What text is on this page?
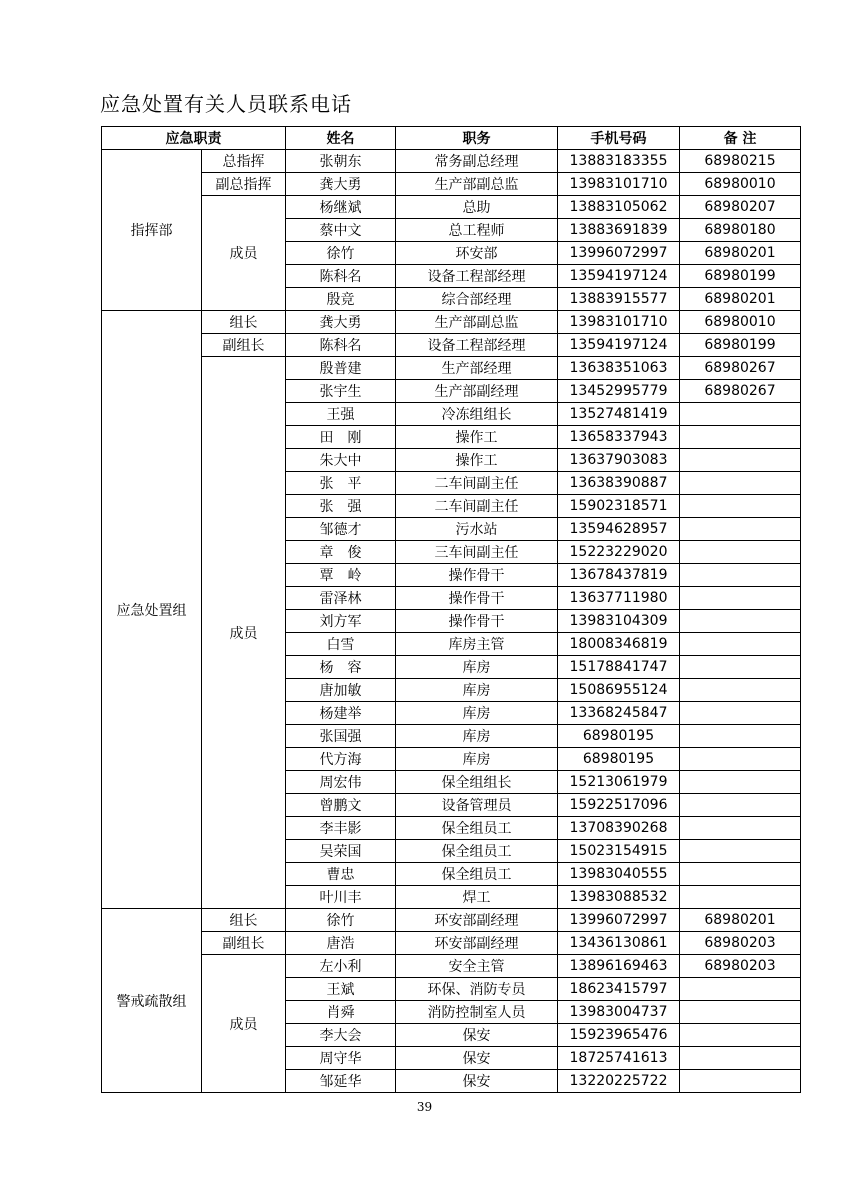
应急处置有关人员联系电话
应急职责		姓名	职务	手机号码	备 注
指挥部	总指挥	张朝东	常务副总经理	13883183355	68980215
	副总指挥	龚大勇	生产部副总监	13983101710	68980010
	成员	杨继斌	总助	13883105062	68980207
		蔡中文	总工程师	13883691839	68980180
		徐竹	环安部	13996072997	68980201
		陈科名	设备工程部经理	13594197124	68980199
		殷竞	综合部经理	13883915577	68980201
应急处置组	组长	龚大勇	生产部副总监	13983101710	68980010
	副组长	陈科名	设备工程部经理	13594197124	68980199
	成员	殷普建	生产部经理	13638351063	68980267
		张宇生	生产部副经理	13452995779	68980267
		王强	冷冻组组长	13527481419	
		田　刚	操作工	13658337943	
		朱大中	操作工	13637903083	
		张　平	二车间副主任	13638390887	
		张　强	二车间副主任	15902318571	
		邹德才	污水站	13594628957	
		章　俊	三车间副主任	15223229020	
		覃　岭	操作骨干	13678437819	
		雷泽林	操作骨干	13637711980	
		刘方军	操作骨干	13983104309	
		白雪	库房主管	18008346819	
		杨　容	库房	15178841747	
		唐加敏	库房	15086955124	
		杨建举	库房	13368245847	
		张国强	库房	68980195	
		代方海	库房	68980195	
		周宏伟	保全组组长	15213061979	
		曾鹏文	设备管理员	15922517096	
		李丰影	保全组员工	13708390268	
		吴荣国	保全组员工	15023154915	
		曹忠	保全组员工	13983040555	
		叶川丰	焊工	13983088532	
警戒疏散组	组长	徐竹	环安部副经理	13996072997	68980201
	副组长	唐浩	环安部副经理	13436130861	68980203
	成员	左小利	安全主管	13896169463	68980203
		王斌	环保、消防专员	18623415797	
		肖舜	消防控制室人员	13983004737	
		李大会	保安	15923965476	
		周守华	保安	18725741613	
		邹延华	保安	13220225722	
39
